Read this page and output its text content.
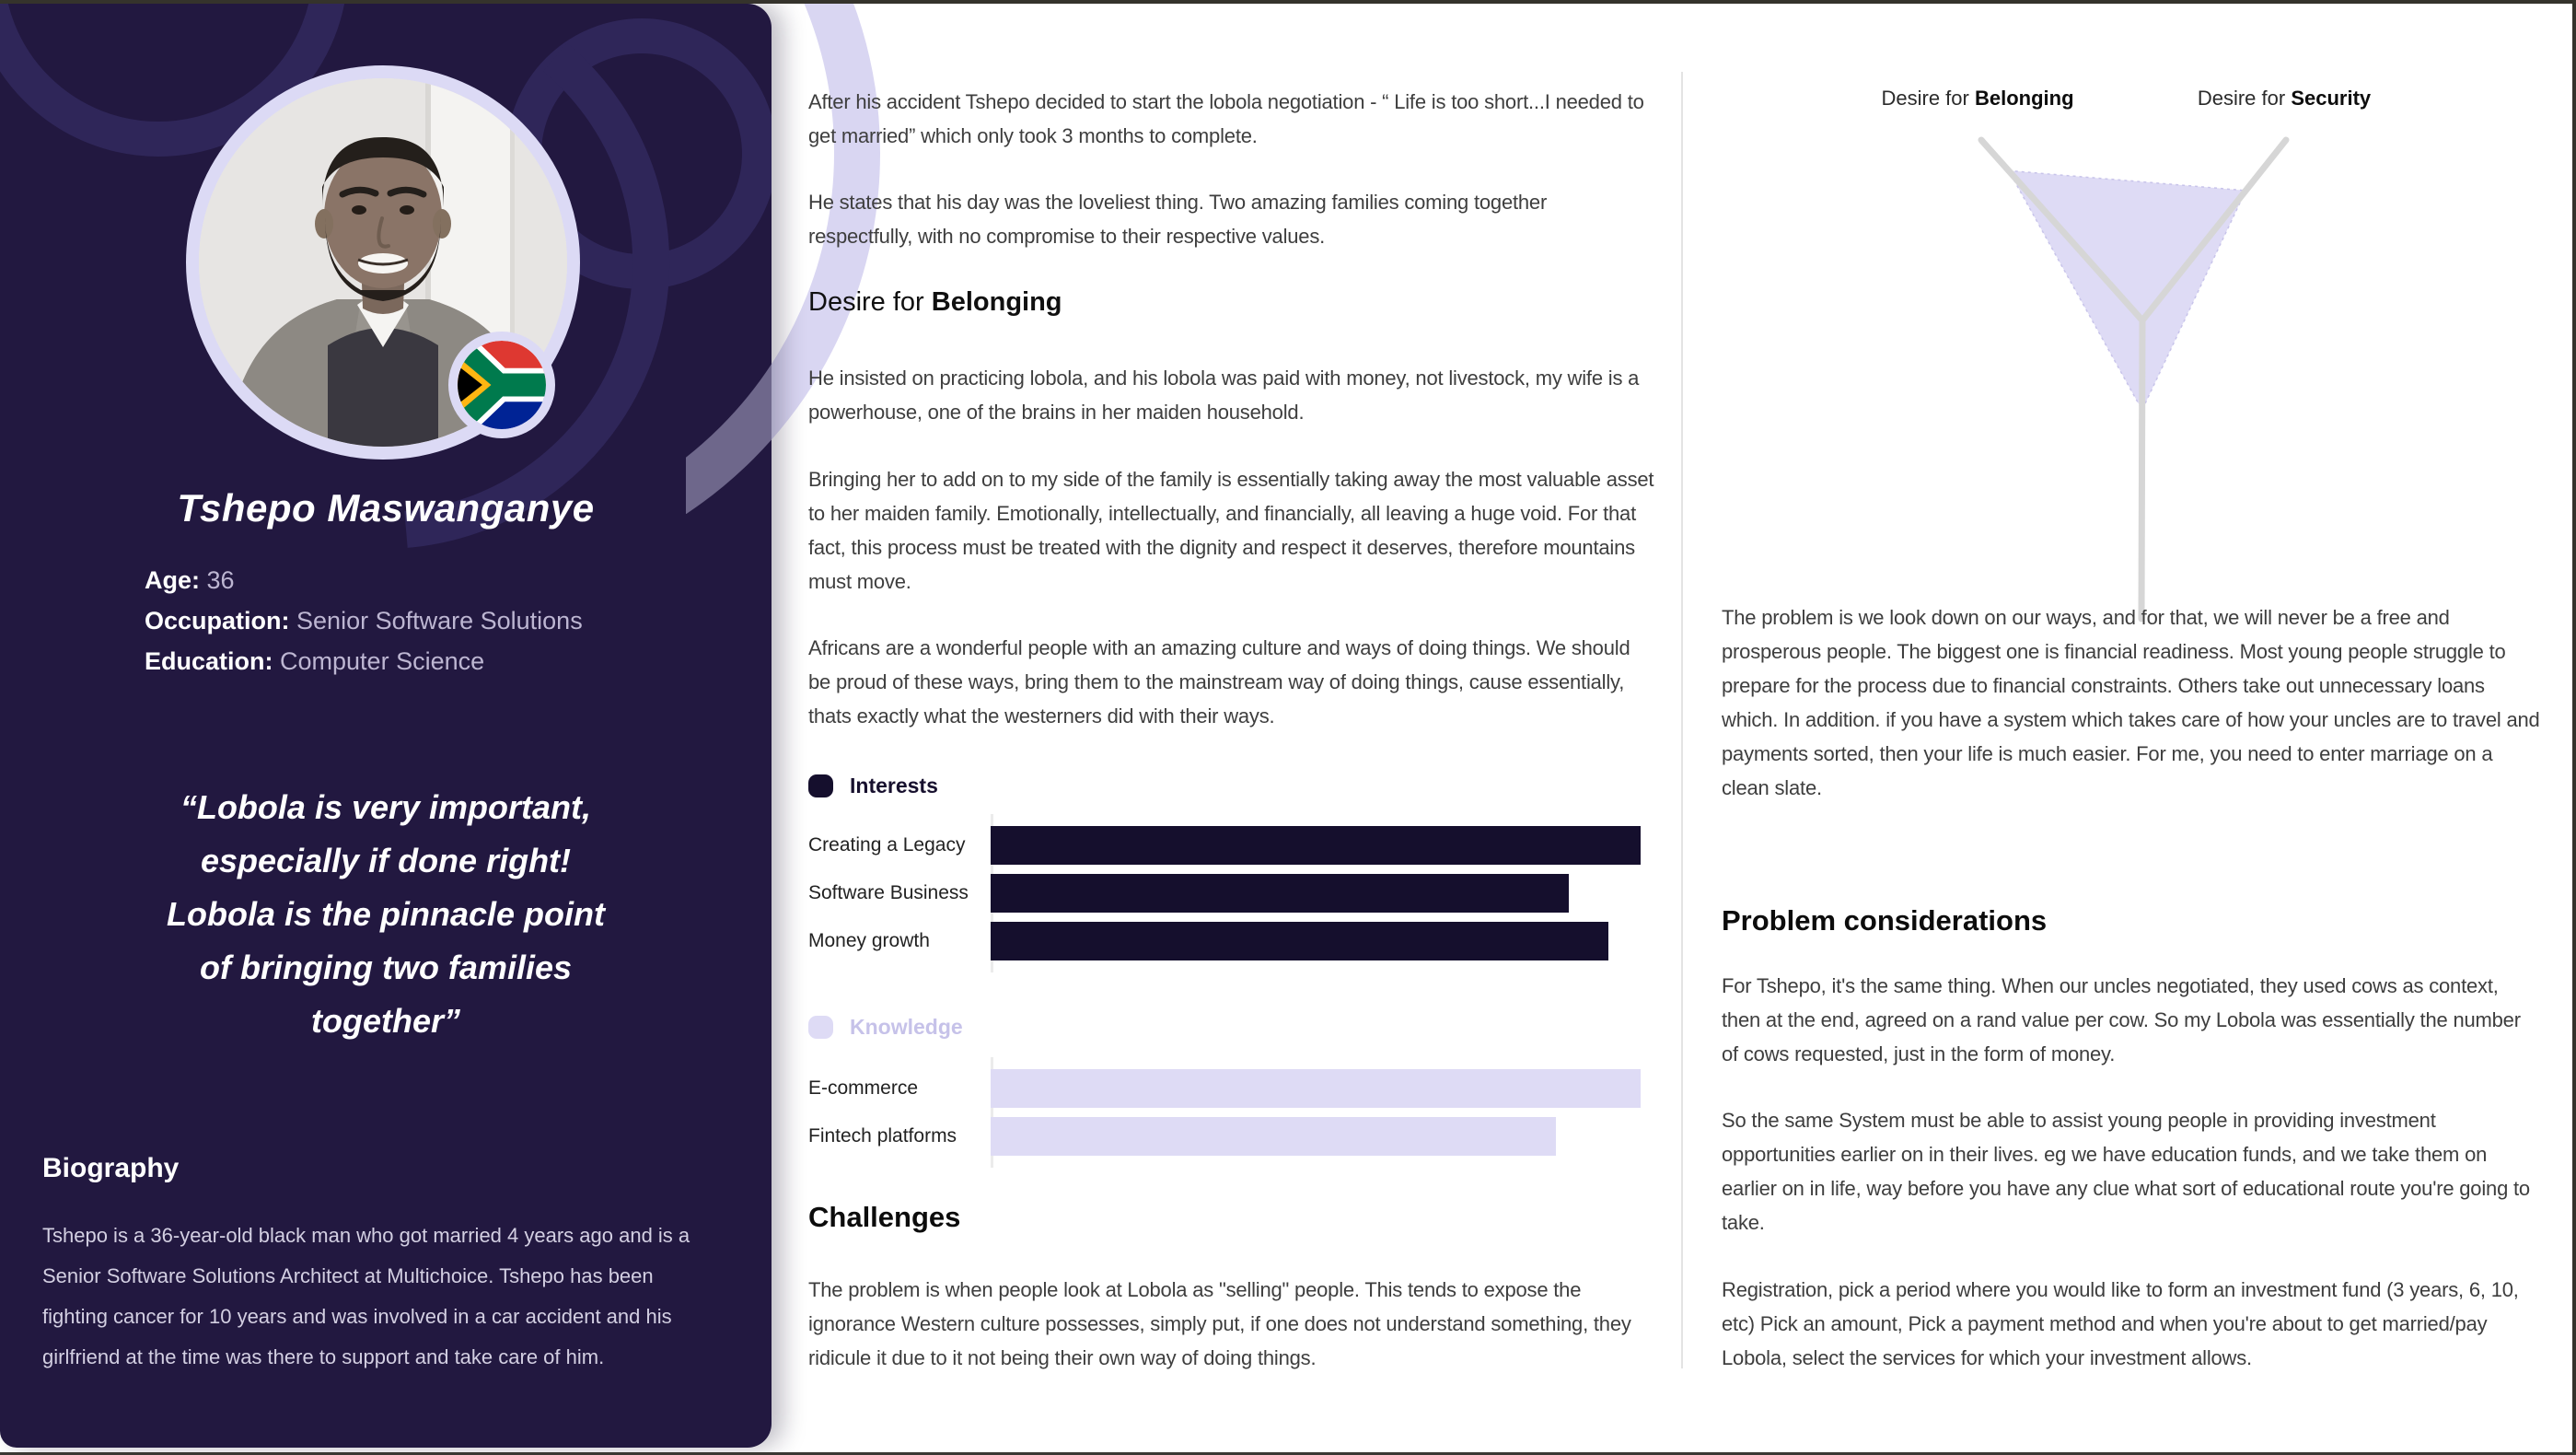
Tshepo Maswanganye
Age: 36
Occupation: Senior Software Solutions
Education: Computer Science
“Lobola is very important,
especially if done right!
Lobola is the pinnacle point
of bringing two families
together”
Biography
Tshepo is a 36-year-old black man who got married 4 years ago and is a Senior Software Solutions Architect at Multichoice. Tshepo has been fighting cancer for 10 years and was involved in a car accident and his girlfriend at the time was there to support and take care of him.
After his accident Tshepo decided to start the lobola negotiation - “ Life is too short...I needed to get married” which only took 3 months to complete.
He states that his day was the loveliest thing. Two amazing families coming together respectfully, with no compromise to their respective values.
Desire for Belonging
He insisted on practicing lobola, and his lobola was paid with money, not livestock, my wife is a powerhouse, one of the brains in her maiden household.
Bringing her to add on to my side of the family is essentially taking away the most valuable asset to her maiden family. Emotionally, intellectually, and financially, all leaving a huge void. For that fact, this process must be treated with the dignity and respect it deserves, therefore mountains must move.
Africans are a wonderful people with an amazing culture and ways of doing things. We should be proud of these ways, bring them to the mainstream way of doing things, cause essentially, thats exactly what the westerners did with their ways.
Interests
Creating a Legacy
Software Business
Money growth
Knowledge
E-commerce
Fintech platforms
Challenges
The problem is when people look at Lobola as "selling" people. This tends to expose the ignorance Western culture possesses, simply put, if one does not understand something, they ridicule it due to it not being their own way of doing things.
Desire for Belonging	Desire for Security
The problem is we look down on our ways, and for that, we will never be a free and prosperous people. The biggest one is financial readiness. Most young people struggle to prepare for the process due to financial constraints. Others take out unnecessary loans which. In addition. if you have a system which takes care of how your uncles are to travel and payments sorted, then your life is much easier. For me, you need to enter marriage on a clean slate.
Problem considerations
For Tshepo, it's the same thing. When our uncles negotiated, they used cows as context, then at the end, agreed on a rand value per cow. So my Lobola was essentially the number of cows requested, just in the form of money.
So the same System must be able to assist young people in providing investment opportunities earlier on in their lives. eg we have education funds, and we take them on earlier on in life, way before you have any clue what sort of educational route you're going to take.
Registration, pick a period where you would like to form an investment fund (3 years, 6, 10, etc) Pick an amount, Pick a payment method and when you're about to get married/pay Lobola, select the services for which your investment allows.
